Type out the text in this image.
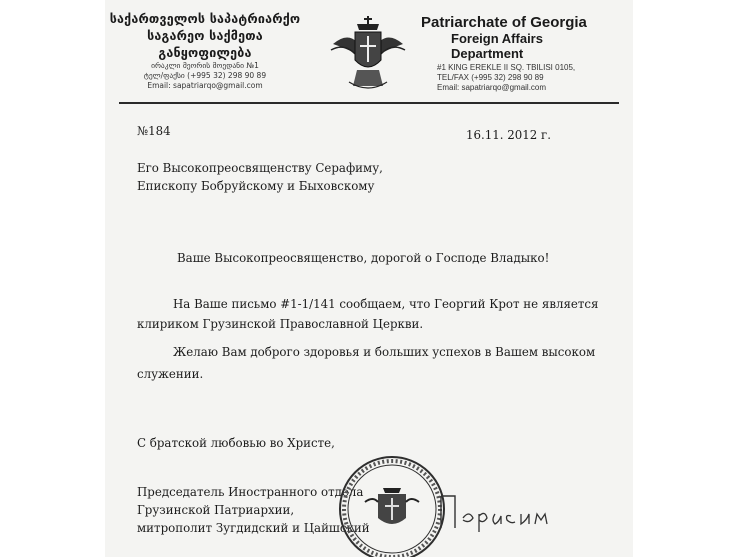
საქართველოს საპატრიარქო
საგარეო საქმეთა
განყოფილება
ირაკლი მეორის მოედანი №1
ტელ/ფაქსი (+995 32) 298 90 89
Email: sapatriarqo@gmail.com
Patriarchate of Georgia
Foreign Affairs
Department
#1 KING EREKLE II SQ. TBILISI 0105,
TEL/FAX (+995 32) 298 90 89
Email: sapatriarqo@gmail.com
№184	16.11. 2012 г.
Его Высокопреосвященству Серафиму,
Епископу Бобруйскому и Быховскому
Ваше Высокопреосвященство, дорогой о Господе Владыко!
На Ваше письмо #1-1/141 сообщаем, что Георгий Крот не является
клириком Грузинской Православной Церкви.
Желаю Вам доброго здоровья и больших успехов в Вашем высоком
служении.
С братской любовью во Христе,
Председатель Иностранного отдела
Грузинской Патриархии,
митрополит Зугдидский и Цайшский
